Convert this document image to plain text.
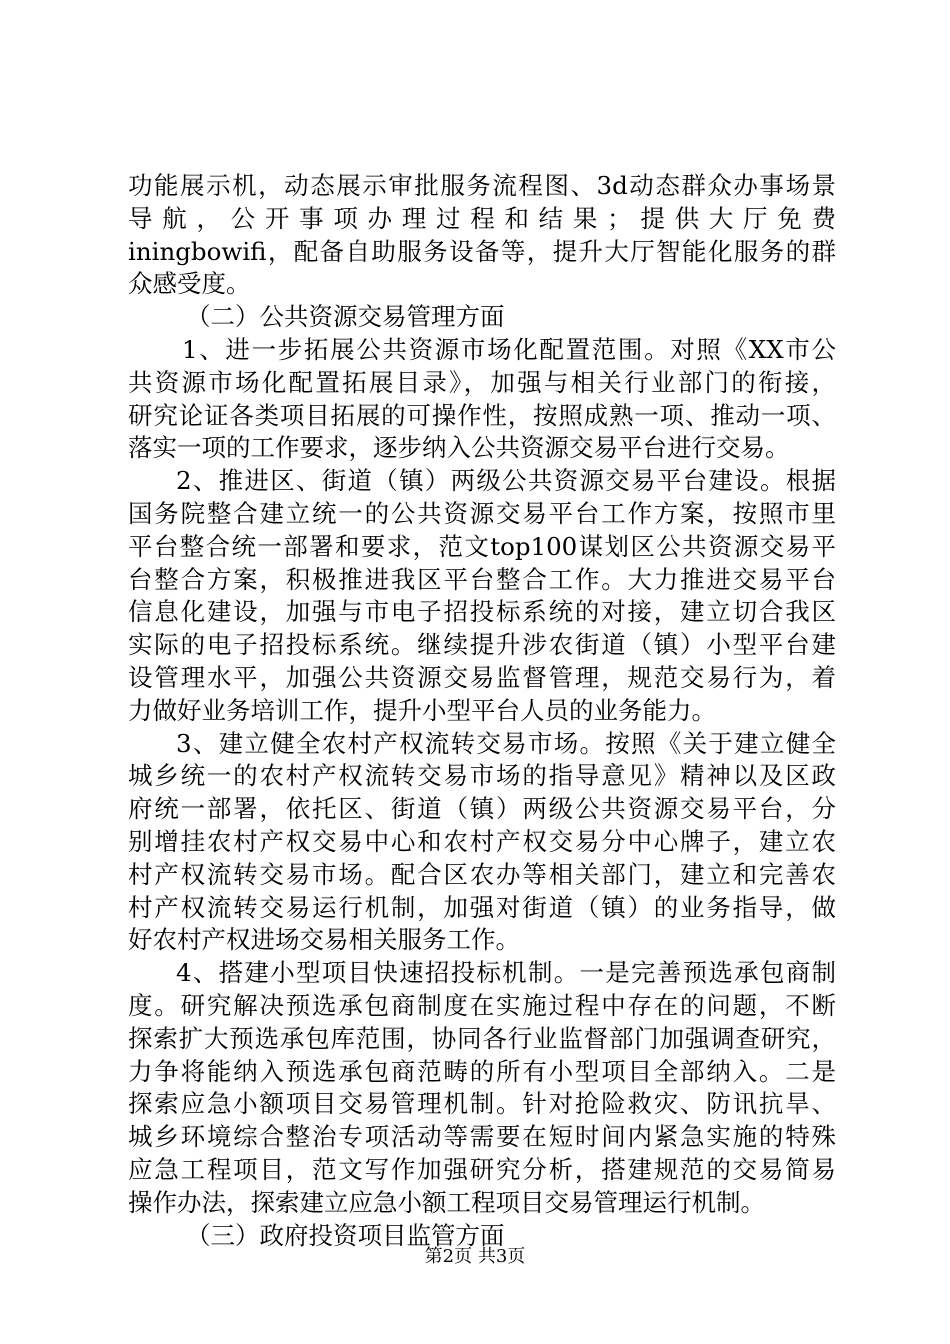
功能展示机，动态展示审批服务流程图、3d动态群众办事场景
导 航 ， 公 开 事 项 办 理 过 程 和 结 果 ； 提 供 大 厅 免 费
iningbowifi，配备自助服务设备等，提升大厅智能化服务的群
众感受度。
（二）公共资源交易管理方面
1、进一步拓展公共资源市场化配置范围。对照《XX市公
共资源市场化配置拓展目录》，加强与相关行业部门的衔接，
研究论证各类项目拓展的可操作性，按照成熟一项、推动一项、
落实一项的工作要求，逐步纳入公共资源交易平台进行交易。
2、推进区、街道（镇）两级公共资源交易平台建设。根据
国务院整合建立统一的公共资源交易平台工作方案，按照市里
平台整合统一部署和要求，范文top100谋划区公共资源交易平
台整合方案，积极推进我区平台整合工作。大力推进交易平台
信息化建设，加强与市电子招投标系统的对接，建立切合我区
实际的电子招投标系统。继续提升涉农街道（镇）小型平台建
设管理水平，加强公共资源交易监督管理，规范交易行为，着
力做好业务培训工作，提升小型平台人员的业务能力。
3、建立健全农村产权流转交易市场。按照《关于建立健全
城乡统一的农村产权流转交易市场的指导意见》精神以及区政
府统一部署，依托区、街道（镇）两级公共资源交易平台，分
别增挂农村产权交易中心和农村产权交易分中心牌子，建立农
村产权流转交易市场。配合区农办等相关部门，建立和完善农
村产权流转交易运行机制，加强对街道（镇）的业务指导，做
好农村产权进场交易相关服务工作。
4、搭建小型项目快速招投标机制。一是完善预选承包商制
度。研究解决预选承包商制度在实施过程中存在的问题，不断
探索扩大预选承包库范围，协同各行业监督部门加强调查研究，
力争将能纳入预选承包商范畴的所有小型项目全部纳入。二是
探索应急小额项目交易管理机制。针对抢险救灾、防讯抗旱、
城乡环境综合整治专项活动等需要在短时间内紧急实施的特殊
应急工程项目，范文写作加强研究分析，搭建规范的交易简易
操作办法，探索建立应急小额工程项目交易管理运行机制。
（三）政府投资项目监管方面
第2页 共3页
